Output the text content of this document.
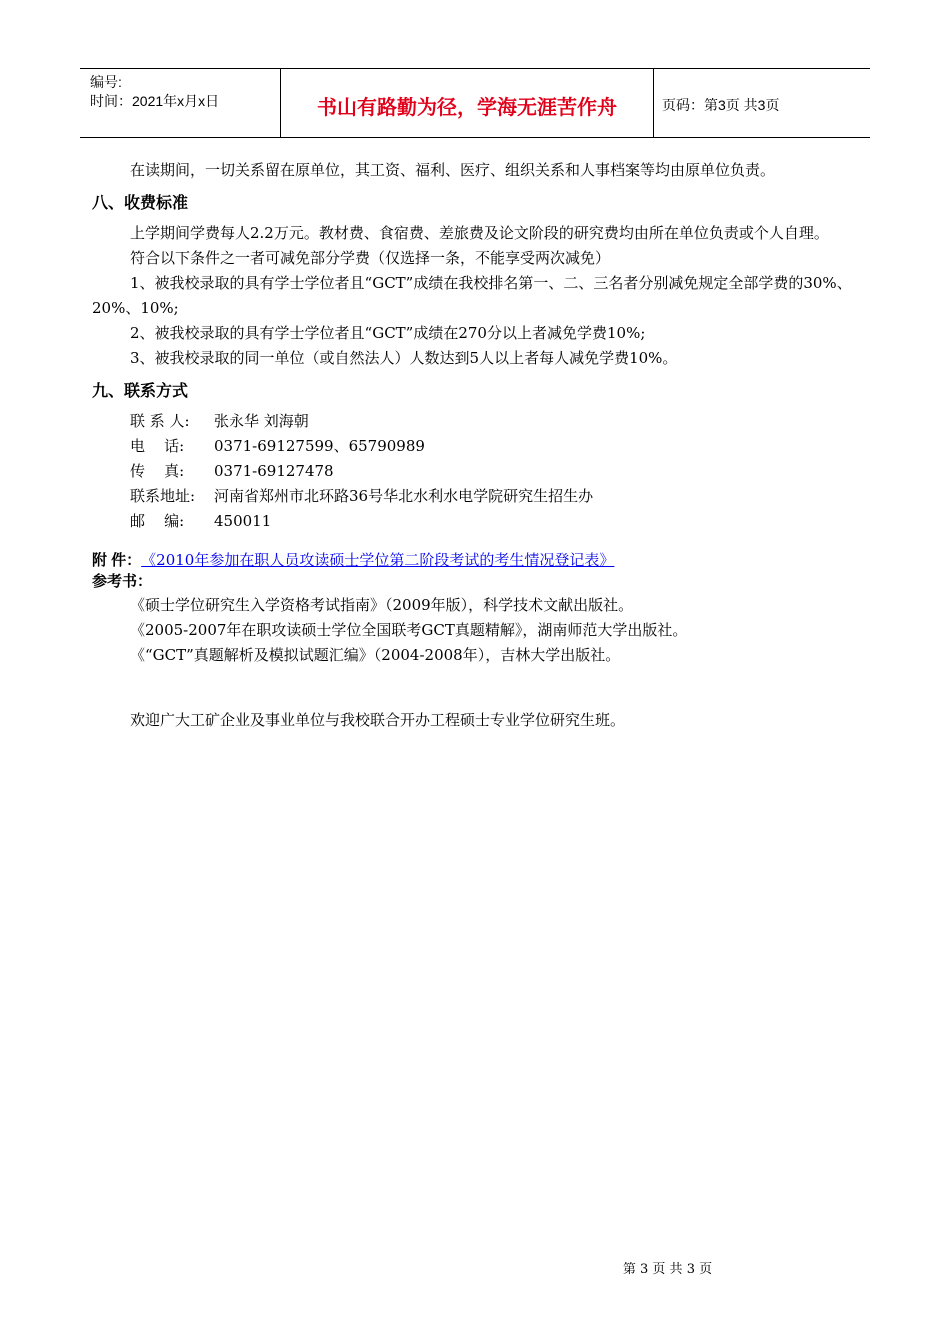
编号:
时间：2021年x月x日	书山有路勤为径，学海无涯苦作舟	页码：第3页 共3页

在读期间，一切关系留在原单位，其工资、福利、医疗、组织关系和人事档案等均由原单位负责。

八、收费标准

上学期间学费每人2.2万元。教材费、食宿费、差旅费及论文阶段的研究费均由所在单位负责或个人自理。

符合以下条件之一者可减免部分学费（仅选择一条，不能享受两次减免）

1、被我校录取的具有学士学位者且“GCT”成绩在我校排名第一、二、三名者分别减免规定全部学费的30%、20%、10%;

2、被我校录取的具有学士学位者且“GCT”成绩在270分以上者减免学费10%;

3、被我校录取的同一单位（或自然法人）人数达到5人以上者每人减免学费10%。

九、联系方式
联 系 人:	张永华 刘海朝
电    话:	0371-69127599、65790989
传    真:	0371-69127478
联系地址:	河南省郑州市北环路36号华北水利水电学院研究生招生办
邮    编:	450011
附 件： 《2010年参加在职人员攻读硕士学位第二阶段考试的考生情况登记表》
参考书：
《硕士学位研究生入学资格考试指南》（2009年版），科学技术文献出版社。
《2005-2007年在职攻读硕士学位全国联考GCT真题精解》，湖南师范大学出版社。
《“GCT”真题解析及模拟试题汇编》（2004-2008年），吉林大学出版社。

欢迎广大工矿企业及事业单位与我校联合开办工程硕士专业学位研究生班。

第 3 页 共 3 页
